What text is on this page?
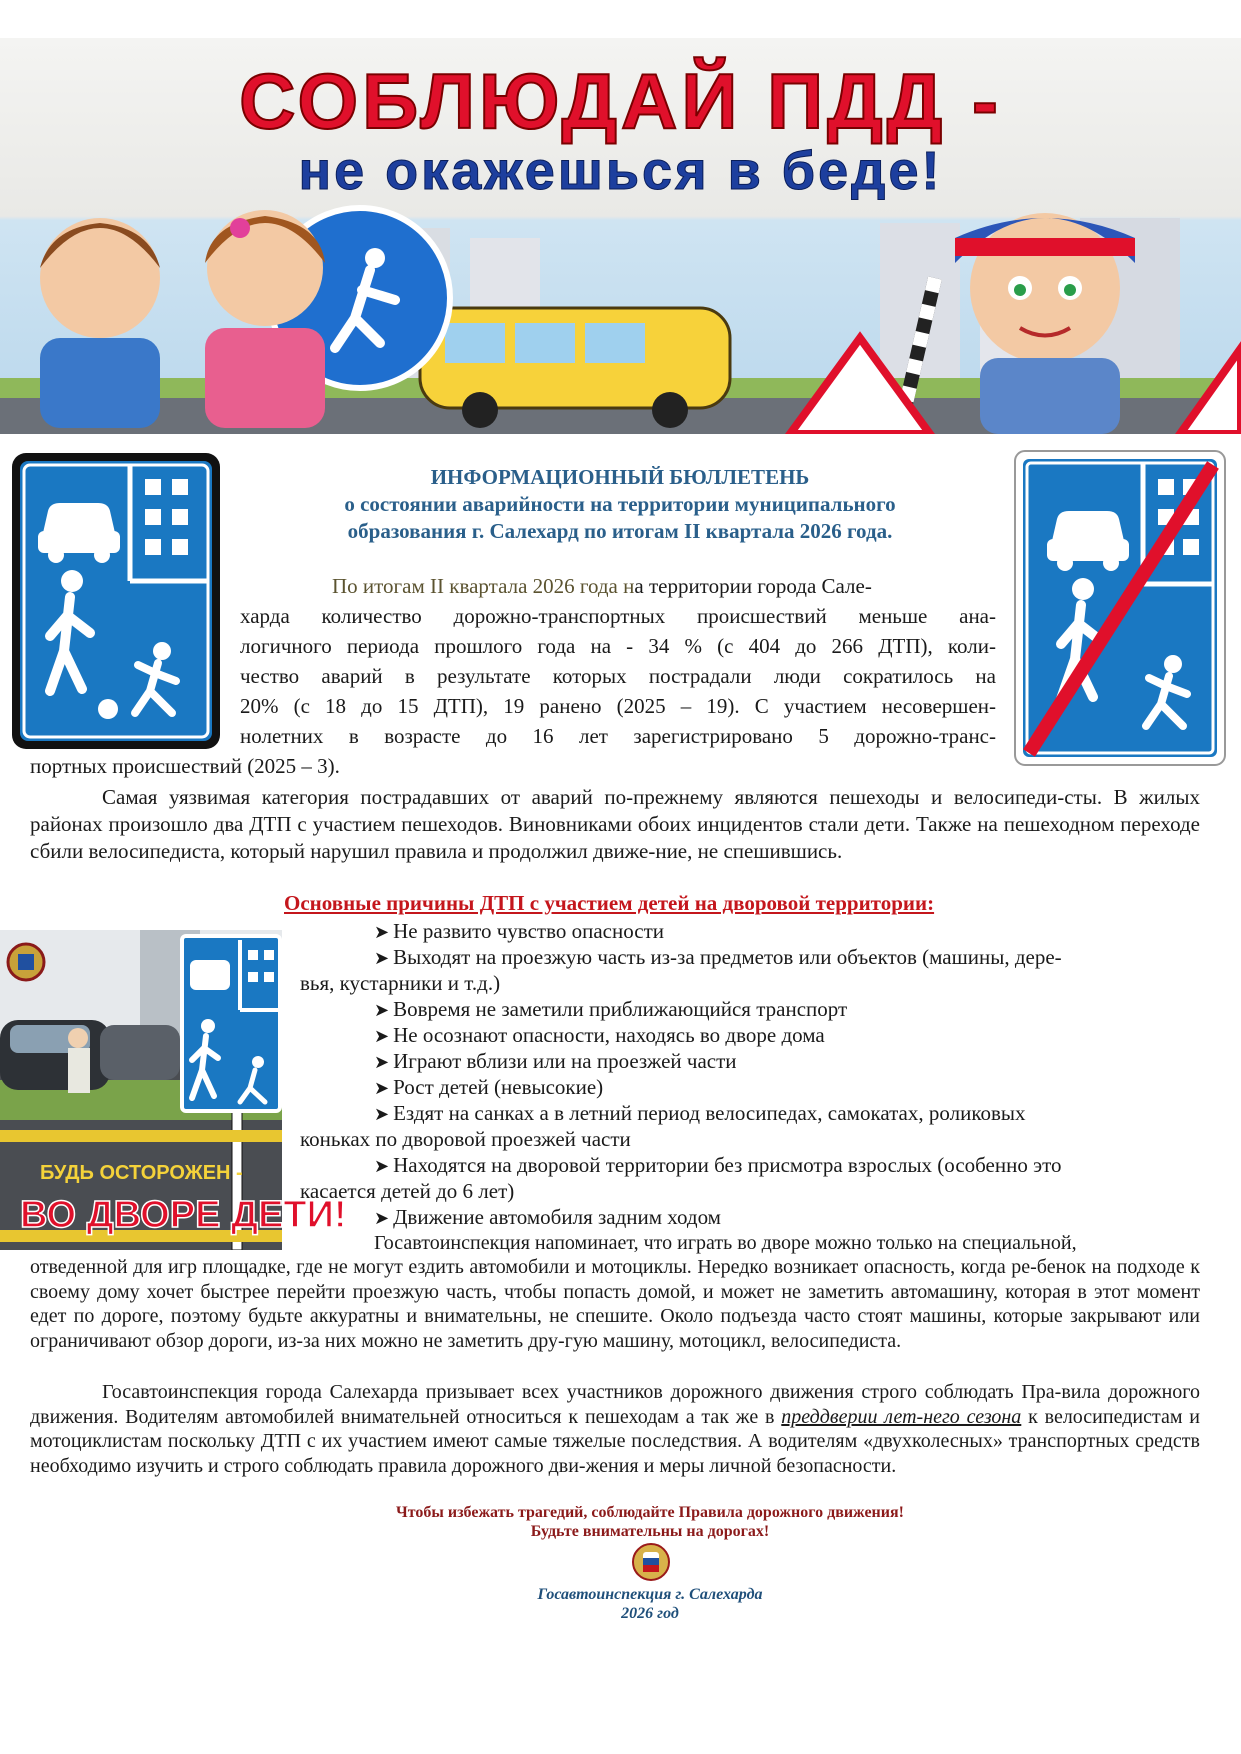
СОБЛЮДАЙ ПДД -
не окажешься в беде!
ИНФОРМАЦИОННЫЙ БЮЛЛЕТЕНЬ
о состоянии аварийности на территории муниципального
образования г. Салехард по итогам II квартала 2026 года.
По итогам II квартала 2026 года на территории города Сале-
харда количество дорожно-транспортных происшествий меньше ана-
логичного периода прошлого года на - 34 % (с 404 до 266 ДТП), коли-
чество аварий в результате которых пострадали люди сократилось на
20% (с 18 до 15 ДТП), 19 ранено (2025 – 19). С участием несовершен-
нолетних в возрасте до 16 лет зарегистрировано 5 дорожно-транс-
портных происшествий (2025 – 3).
Самая уязвимая категория пострадавших от аварий по-прежнему являются пешеходы и велосипеди-сты. В жилых районах произошло два ДТП с участием пешеходов. Виновниками обоих инцидентов стали дети. Также на пешеходном переходе сбили велосипедиста, который нарушил правила и продолжил движе-ние, не спешившись.
Основные причины ДТП с участием детей на дворовой территории:
БУДЬ ОСТОРОЖЕН -
ВО ДВОРЕ ДЕТИ!
➤ Не развито чувство опасности
➤ Выходят на проезжую часть из-за предметов или объектов (машины, дере-
вья, кустарники и т.д.)
➤ Вовремя не заметили приближающийся транспорт
➤ Не осознают опасности, находясь во дворе дома
➤ Играют вблизи или на проезжей части
➤ Рост детей (невысокие)
➤ Ездят на санках а в летний период велосипедах, самокатах, роликовых
коньках по дворовой проезжей части
➤ Находятся на дворовой территории без присмотра взрослых (особенно это
касается детей до 6 лет)
➤ Движение автомобиля задним ходом
Госавтоинспекция напоминает, что играть во дворе можно только на специальной,
отведенной для игр площадке, где не могут ездить автомобили и мотоциклы. Нередко возникает опасность, когда ре-бенок на подходе к своему дому хочет быстрее перейти проезжую часть, чтобы попасть домой, и может не заметить автомашину, которая в этот момент едет по дороге, поэтому будьте аккуратны и внимательны, не спешите. Около подъезда часто стоят машины, которые закрывают или ограничивают обзор дороги, из-за них можно не заметить дру-гую машину, мотоцикл, велосипедиста.
Госавтоинспекция города Салехарда призывает всех участников дорожного движения строго соблюдать Пра-вила дорожного движения. Водителям автомобилей внимательней относиться к пешеходам а так же в преддверии лет-него сезона к велосипедистам и мотоциклистам поскольку ДТП с их участием имеют самые тяжелые последствия. А водителям «двухколесных» транспортных средств необходимо изучить и строго соблюдать правила дорожного дви-жения и меры личной безопасности.
Чтобы избежать трагедий, соблюдайте Правила дорожного движения!
Будьте внимательны на дорогах!
Госавтоинспекция г. Салехарда
2026 год
